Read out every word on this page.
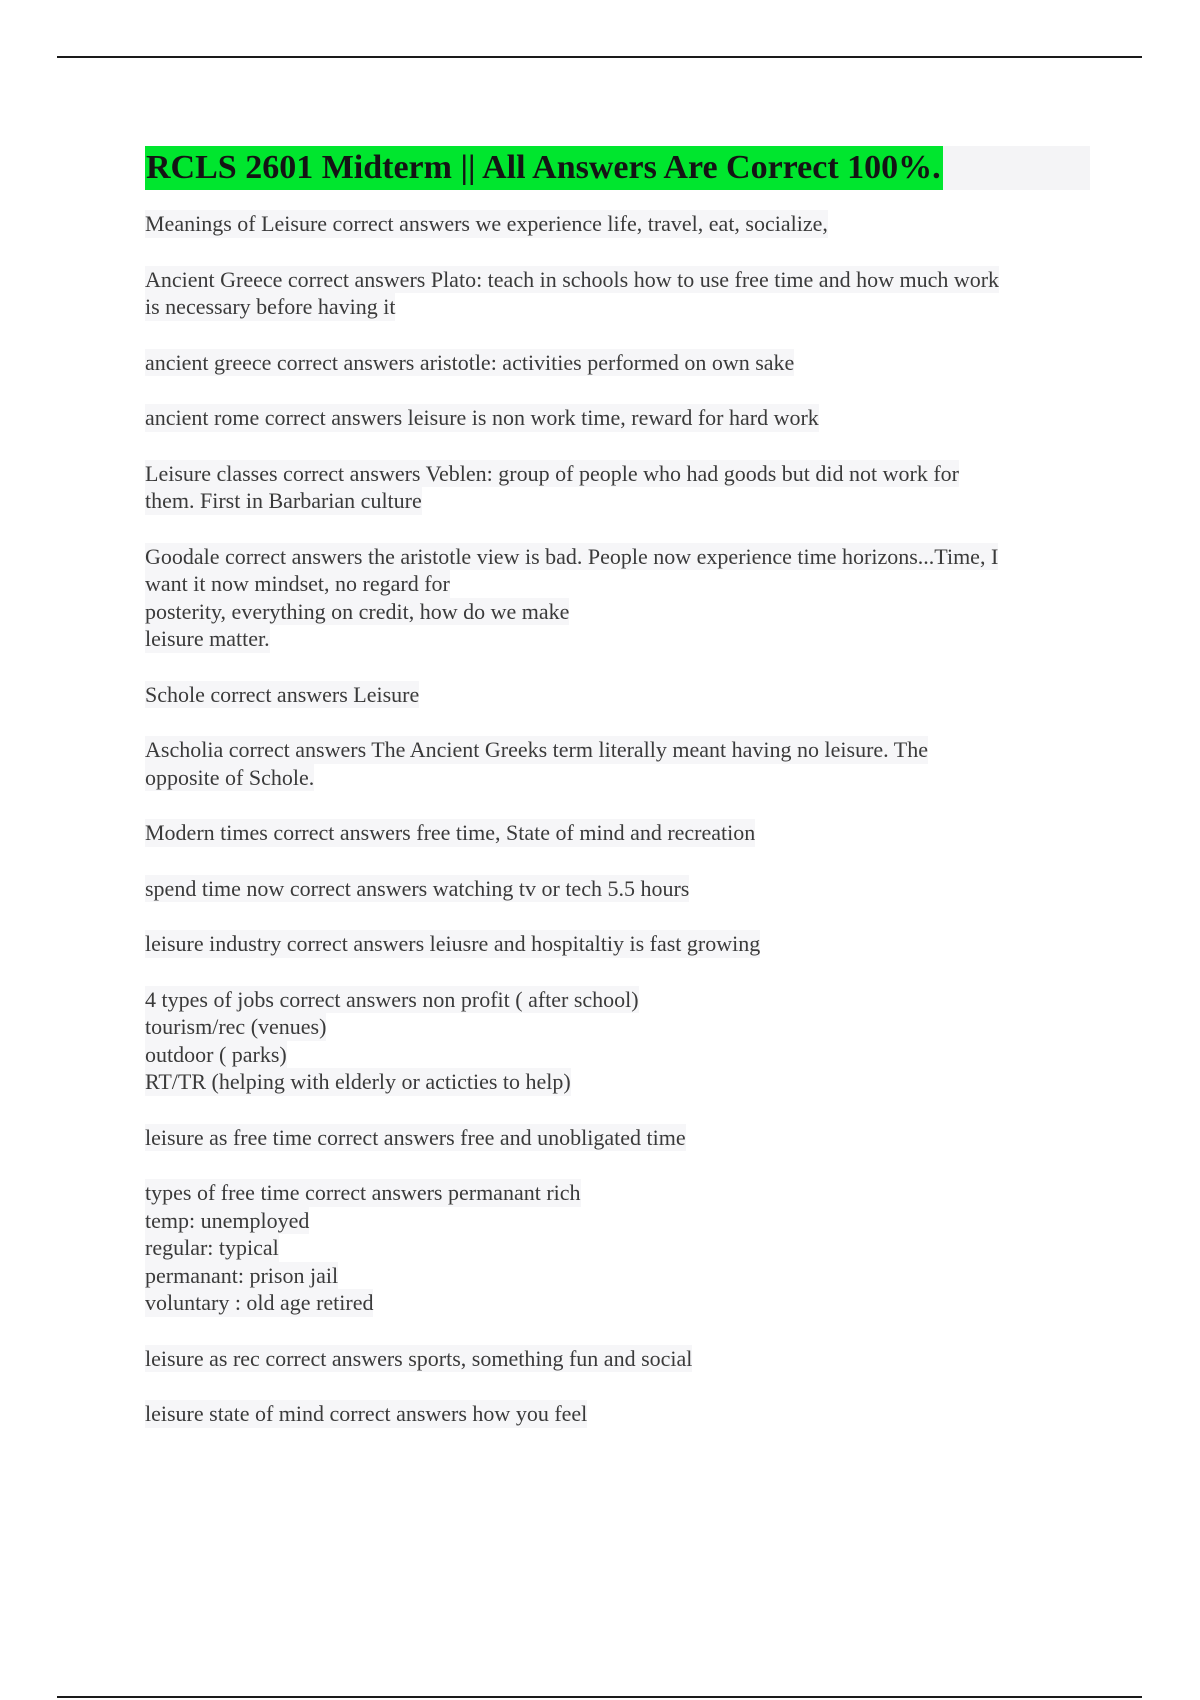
RCLS 2601 Midterm || All Answers Are Correct 100%.
Meanings of Leisure correct answers we experience life, travel, eat, socialize,
Ancient Greece correct answers Plato: teach in schools how to use free time and how much work
is necessary before having it
ancient greece correct answers aristotle: activities performed on own sake
ancient rome correct answers leisure is non work time, reward for hard work
Leisure classes correct answers Veblen: group of people who had goods but did not work for
them. First in Barbarian culture
Goodale correct answers the aristotle view is bad. People now experience time horizons...Time, I
want it now mindset, no regard for
posterity, everything on credit, how do we make
leisure matter.
Schole correct answers Leisure
Ascholia correct answers The Ancient Greeks term literally meant having no leisure. The
opposite of Schole.
Modern times correct answers free time, State of mind and recreation
spend time now correct answers watching tv or tech 5.5 hours
leisure industry correct answers leiusre and hospitaltiy is fast growing
4 types of jobs correct answers non profit ( after school)
tourism/rec (venues)
outdoor ( parks)
RT/TR (helping with elderly or acticties to help)
leisure as free time correct answers free and unobligated time
types of free time correct answers permanant rich
temp: unemployed
regular: typical
permanant: prison jail
voluntary : old age retired
leisure as rec correct answers sports, something fun and social
leisure state of mind correct answers how you feel
